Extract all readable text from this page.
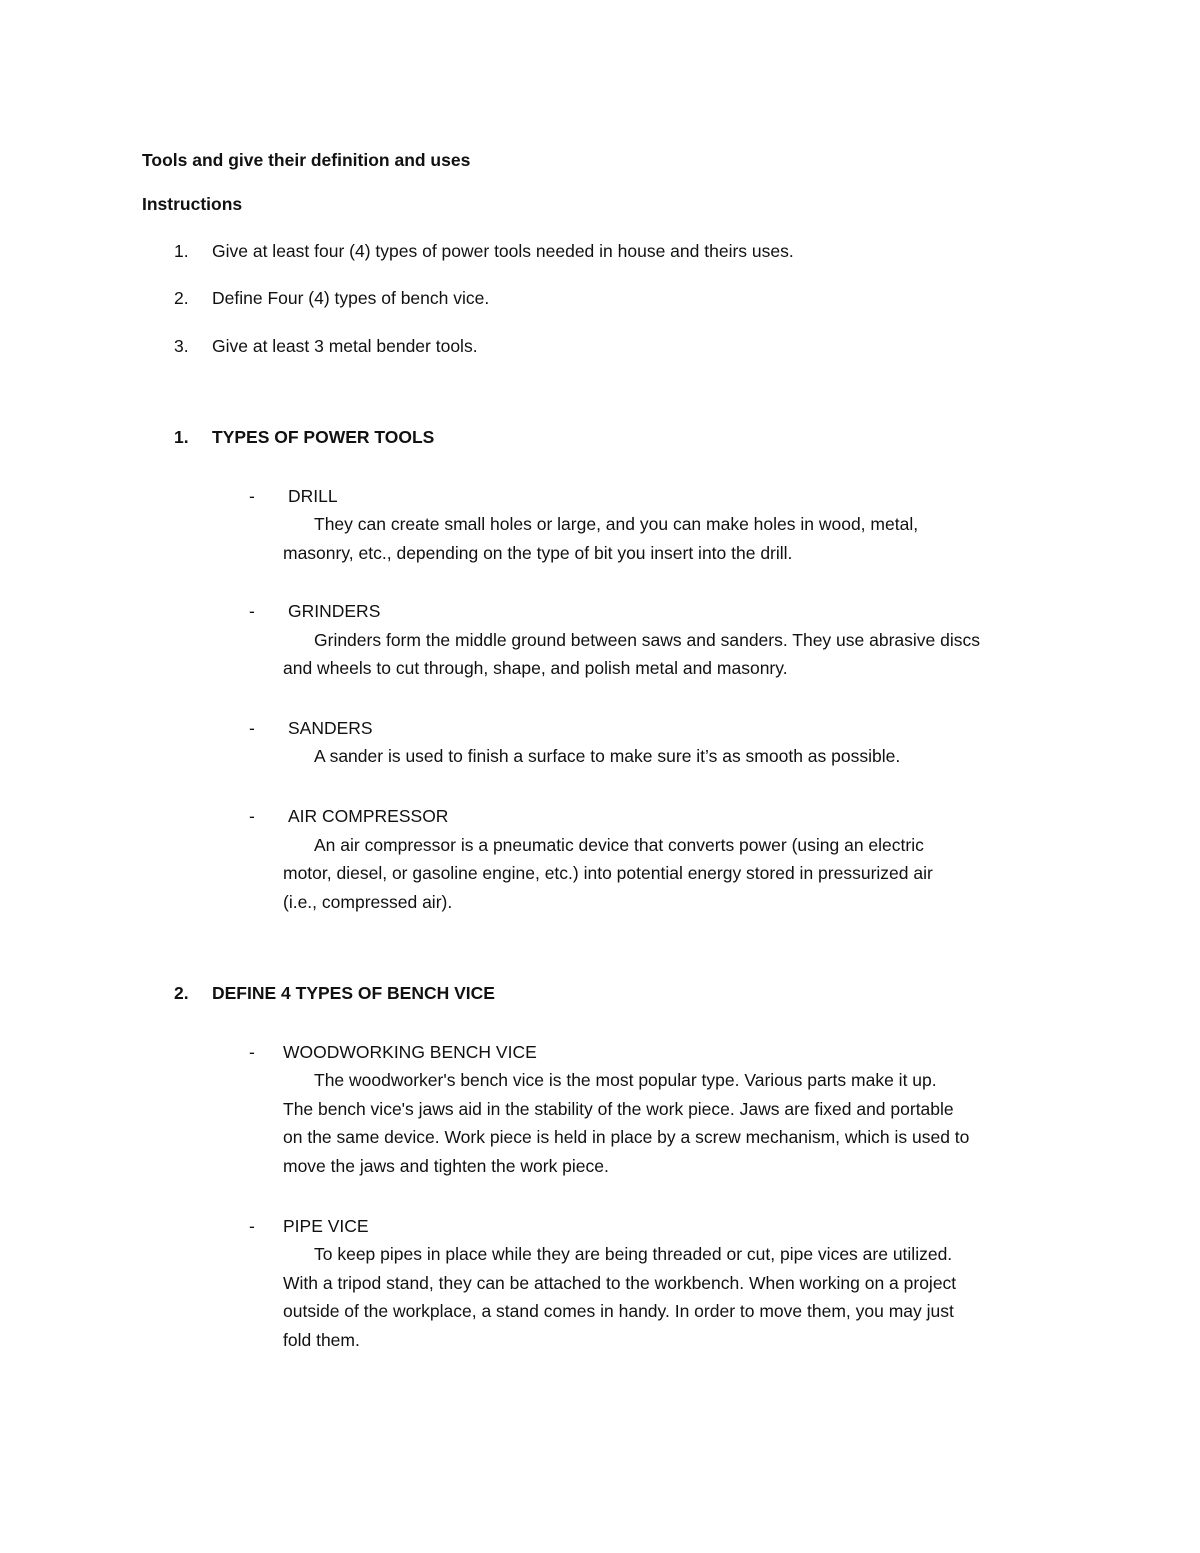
Tools and give their definition and uses
Instructions
1. Give at least four (4) types of power tools needed in house and theirs uses.
2. Define Four (4) types of bench vice.
3. Give at least 3 metal bender tools.
1. TYPES OF POWER TOOLS
- DRILL
They can create small holes or large, and you can make holes in wood, metal,
masonry, etc., depending on the type of bit you insert into the drill.
- GRINDERS
Grinders form the middle ground between saws and sanders. They use abrasive discs
and wheels to cut through, shape, and polish metal and masonry.
- SANDERS
A sander is used to finish a surface to make sure it’s as smooth as possible.
- AIR COMPRESSOR
An air compressor is a pneumatic device that converts power (using an electric
motor, diesel, or gasoline engine, etc.) into potential energy stored in pressurized air
(i.e., compressed air).
2. DEFINE 4 TYPES OF BENCH VICE
- WOODWORKING BENCH VICE
The woodworker's bench vice is the most popular type. Various parts make it up.
The bench vice's jaws aid in the stability of the work piece. Jaws are fixed and portable
on the same device. Work piece is held in place by a screw mechanism, which is used to
move the jaws and tighten the work piece.
- PIPE VICE
To keep pipes in place while they are being threaded or cut, pipe vices are utilized.
With a tripod stand, they can be attached to the workbench. When working on a project
outside of the workplace, a stand comes in handy. In order to move them, you may just
fold them.
